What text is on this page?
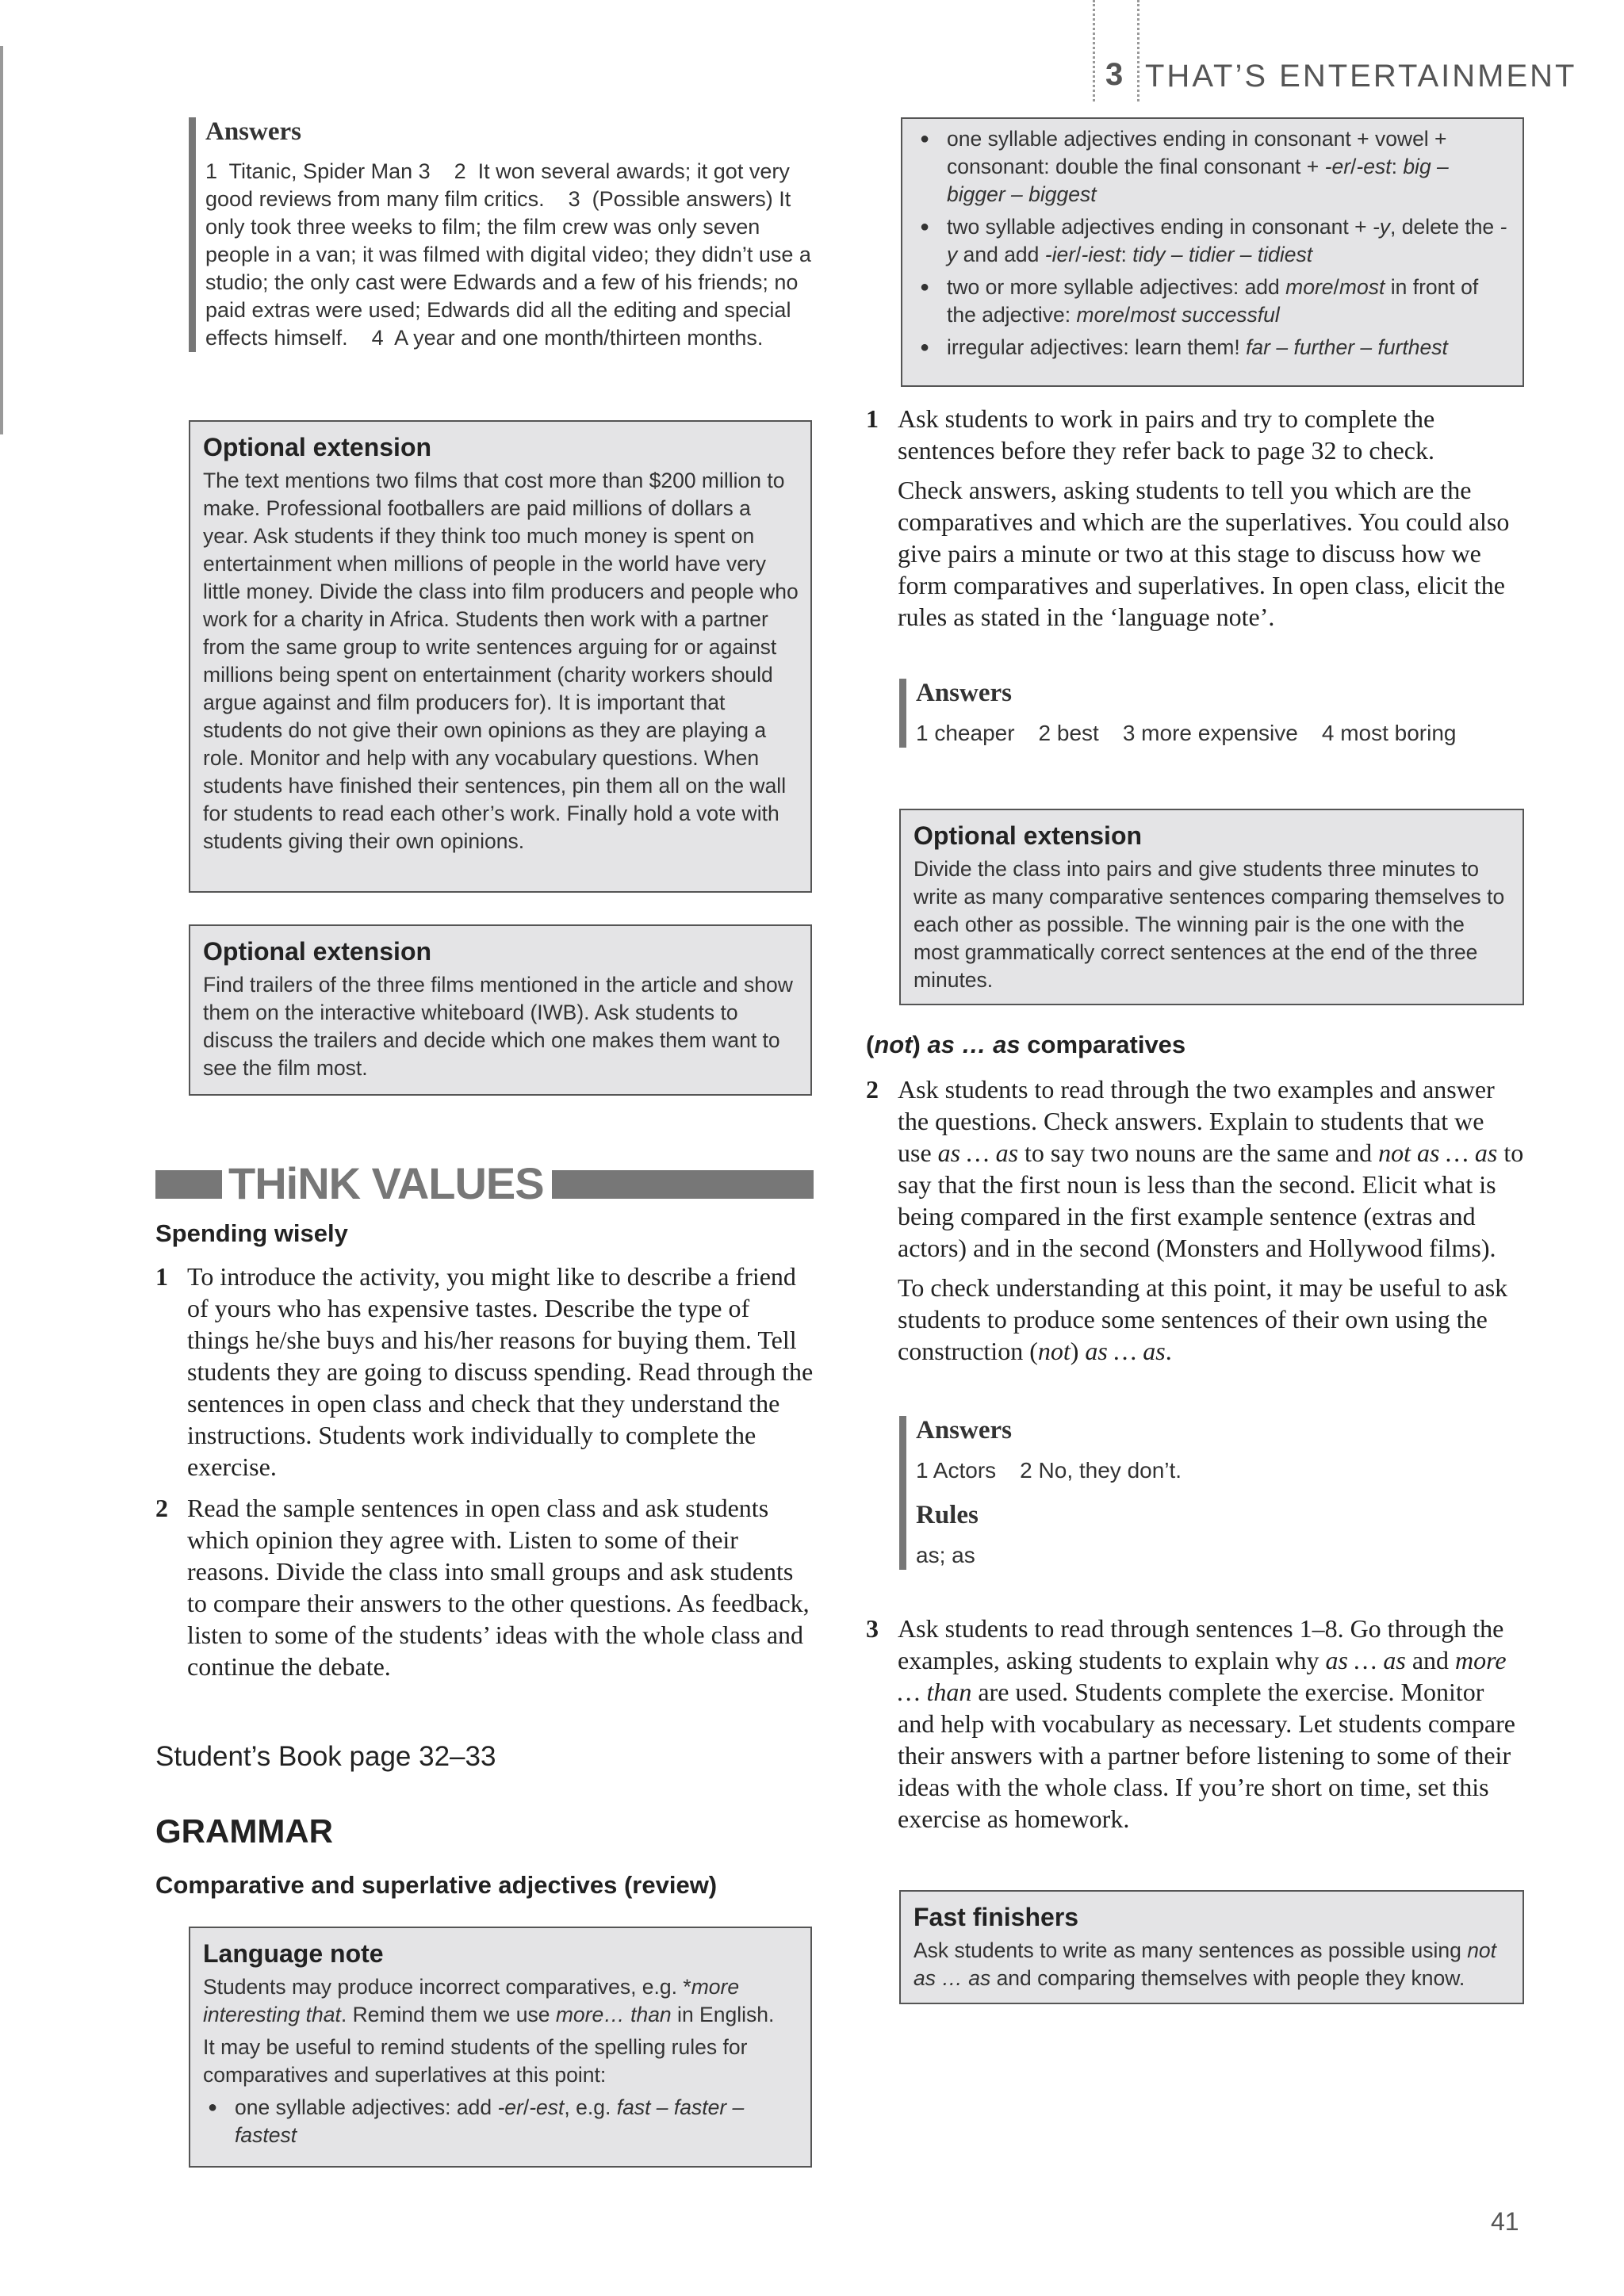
3 THAT’S ENTERTAINMENT
Answers

1  Titanic, Spider Man 3    2  It won several awards; it got very good reviews from many film critics.    3  (Possible answers) It only took three weeks to film; the film crew was only seven people in a van; it was filmed with digital video; they didn’t use a studio; the only cast were Edwards and a few of his friends; no paid extras were used; Edwards did all the editing and special effects himself.    4  A year and one month/thirteen months.

Optional extension

The text mentions two films that cost more than $200 million to make. Professional footballers are paid millions of dollars a year. Ask students if they think too much money is spent on entertainment when millions of people in the world have very little money. Divide the class into film producers and people who work for a charity in Africa. Students then work with a partner from the same group to write sentences arguing for or against millions being spent on entertainment (charity workers should argue against and film producers for). It is important that students do not give their own opinions as they are playing a role. Monitor and help with any vocabulary questions. When students have finished their sentences, pin them all on the wall for students to read each other’s work. Finally hold a vote with students giving their own opinions.

Optional extension

Find trailers of the three films mentioned in the article and show them on the interactive whiteboard (IWB). Ask students to discuss the trailers and decide which one makes them want to see the film most.

THiNK VALUES
Spending wisely
1 To introduce the activity, you might like to describe a friend of yours who has expensive tastes. Describe the type of things he/she buys and his/her reasons for buying them. Tell students they are going to discuss spending. Read through the sentences in open class and check that they understand the instructions. Students work individually to complete the exercise.
2 Read the sample sentences in open class and ask students which opinion they agree with. Listen to some of their reasons. Divide the class into small groups and ask students to compare their answers to the other questions. As feedback, listen to some of the students’ ideas with the whole class and continue the debate.
Student’s Book page 32–33
GRAMMAR
Comparative and superlative adjectives (review)
Language note

Students may produce incorrect comparatives, e.g. *more interesting that. Remind them we use more… than in English.

It may be useful to remind students of the spelling rules for comparatives and superlatives at this point:

● one syllable adjectives: add -er/-est, e.g. fast – faster – fastest
● one syllable adjectives ending in consonant + vowel + consonant: double the final consonant + -er/-est: big – bigger – biggest
● two syllable adjectives ending in consonant + -y, delete the -y and add -ier/-iest: tidy – tidier – tidiest
● two or more syllable adjectives: add more/most in front of the adjective: more/most successful
● irregular adjectives: learn them! far – further – furthest
1 Ask students to work in pairs and try to complete the sentences before they refer back to page 32 to check.
Check answers, asking students to tell you which are the comparatives and which are the superlatives. You could also give pairs a minute or two at this stage to discuss how we form comparatives and superlatives. In open class, elicit the rules as stated in the ‘language note’.
Answers
1 cheaper 2 best 3 more expensive 4 most boring
Optional extension

Divide the class into pairs and give students three minutes to write as many comparative sentences comparing themselves to each other as possible. The winning pair is the one with the most grammatically correct sentences at the end of the three minutes.

(not) as … as comparatives
2 Ask students to read through the two examples and answer the questions. Check answers. Explain to students that we use as … as to say two nouns are the same and not as … as to say that the first noun is less than the second. Elicit what is being compared in the first example sentence (extras and actors) and in the second (Monsters and Hollywood films).
To check understanding at this point, it may be useful to ask students to produce some sentences of their own using the construction (not) as … as.
Answers
1 Actors 2 No, they don’t.
Rules
as; as
3 Ask students to read through sentences 1–8. Go through the examples, asking students to explain why as … as and more … than are used. Students complete the exercise. Monitor and help with vocabulary as necessary. Let students compare their answers with a partner before listening to some of their ideas with the whole class. If you’re short on time, set this exercise as homework.
Fast finishers

Ask students to write as many sentences as possible using not as … as and comparing themselves with people they know.

41
